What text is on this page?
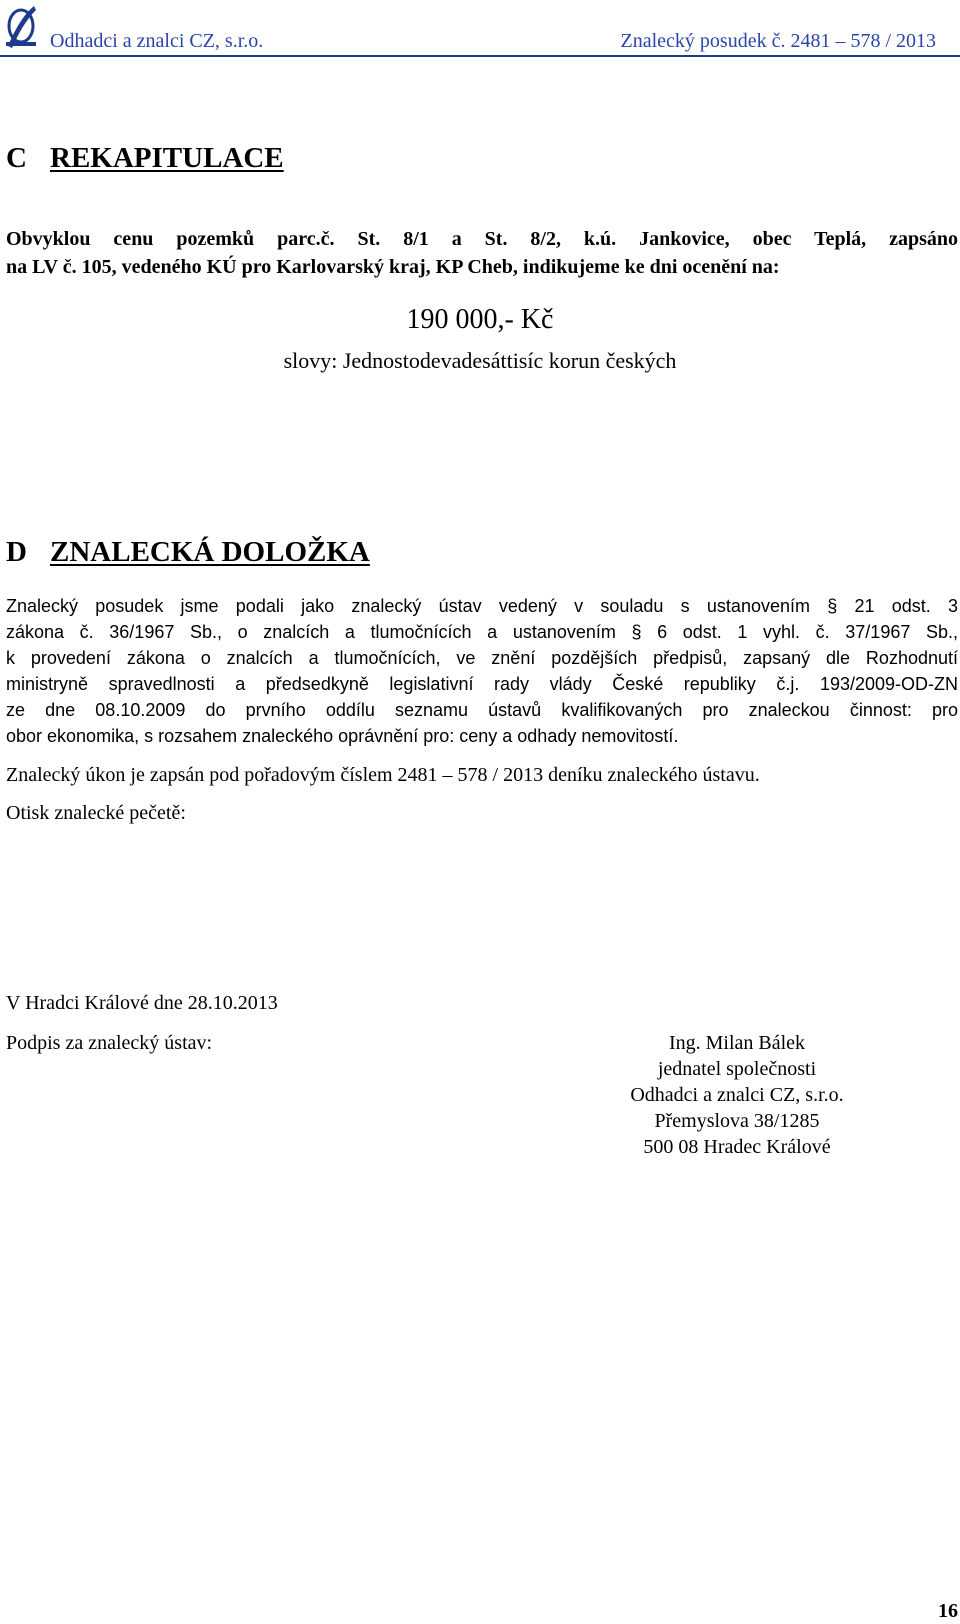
Odhadci a znalci CZ, s.r.o.	Znalecký posudek č. 2481 – 578 / 2013
C REKAPITULACE
Obvyklou cenu pozemků parc.č. St. 8/1 a St. 8/2, k.ú. Jankovice, obec Teplá, zapsáno
na LV č. 105, vedeného KÚ pro Karlovarský kraj, KP Cheb, indikujeme ke dni ocenění na:
190 000,- Kč
slovy: Jednostodevadesáttisíc korun českých
D ZNALECKÁ DOLOŽKA
Znalecký posudek jsme podali jako znalecký ústav vedený v souladu s ustanovením § 21 odst. 3
zákona č. 36/1967 Sb., o znalcích a tlumočnících a ustanovením § 6 odst. 1 vyhl. č. 37/1967 Sb.,
k provedení zákona o znalcích a tlumočnících, ve znění pozdějších předpisů, zapsaný dle Rozhodnutí
ministryně spravedlnosti a předsedkyně legislativní rady vlády České republiky č.j. 193/2009-OD-ZN
ze dne 08.10.2009 do prvního oddílu seznamu ústavů kvalifikovaných pro znaleckou činnost: pro
obor ekonomika, s rozsahem znaleckého oprávnění pro: ceny a odhady nemovitostí.
Znalecký úkon je zapsán pod pořadovým číslem 2481 – 578 / 2013 deníku znaleckého ústavu.
Otisk znalecké pečetě:
V Hradci Králové dne 28.10.2013
Podpis za znalecký ústav:	Ing. Milan Bálek
jednatel společnosti
Odhadci a znalci CZ, s.r.o.
Přemyslova 38/1285
500 08 Hradec Králové
16
